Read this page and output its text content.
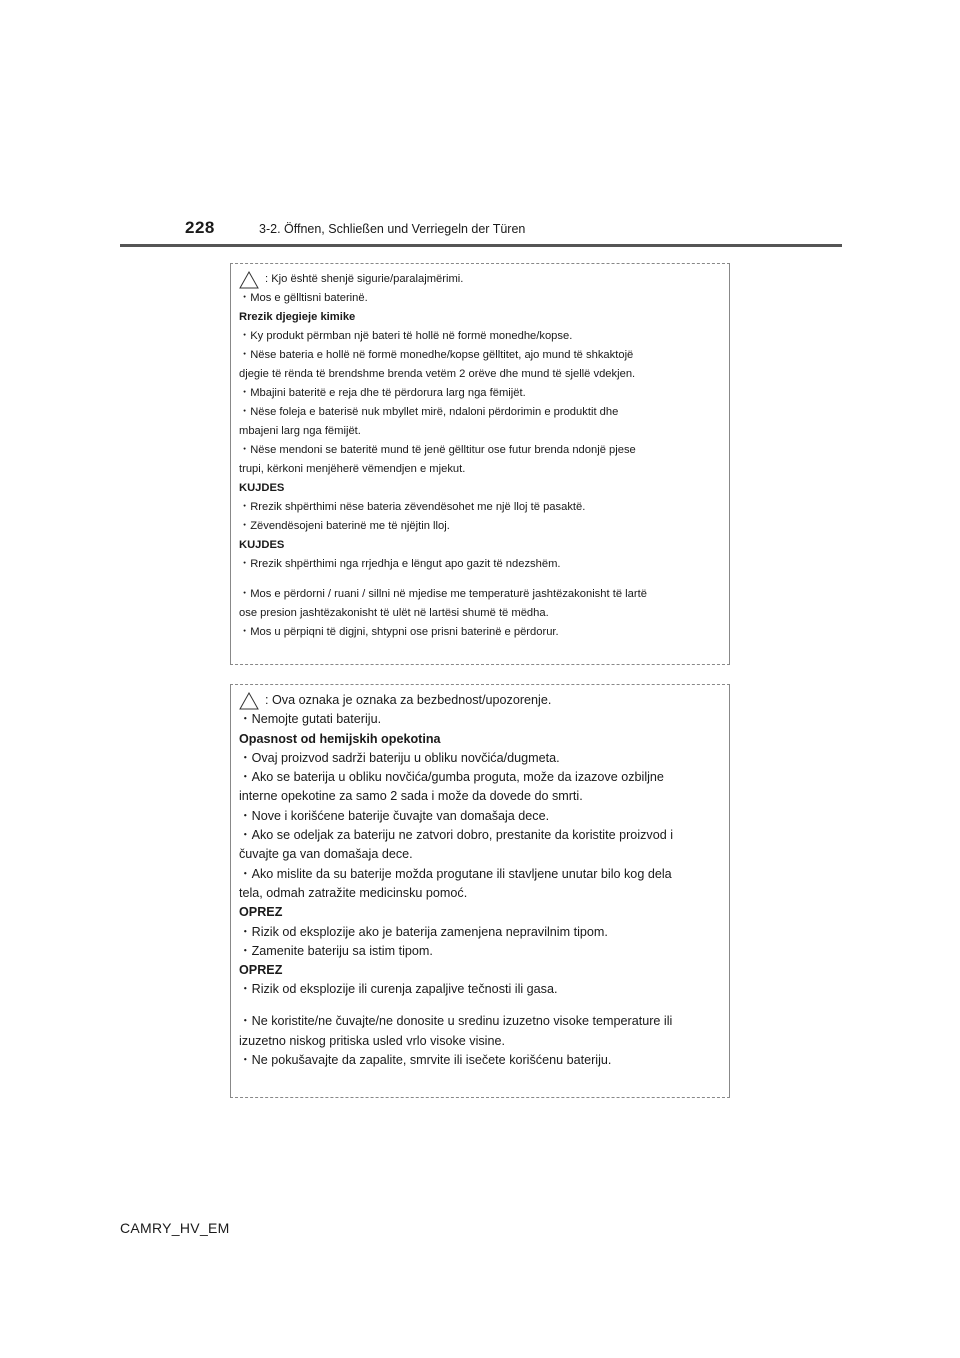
228	3-2. Öffnen, Schließen und Verriegeln der Türen
: Kjo është shenjë sigurie/paralajmërimi.
・Mos e gëlltisni baterinë.
Rrezik djegieje kimike
・Ky produkt përmban një bateri të hollë në formë monedhe/kopse.
・Nëse bateria e hollë në formë monedhe/kopse gëlltitet, ajo mund të shkaktojë
djegie të rënda të brendshme brenda vetëm 2 orëve dhe mund të sjellë vdekjen.
・Mbajini bateritë e reja dhe të përdorura larg nga fëmijët.
・Nëse foleja e baterisë nuk mbyllet mirë, ndaloni përdorimin e produktit dhe
mbajeni larg nga fëmijët.
・Nëse mendoni se bateritë mund të jenë gëlltitur ose futur brenda ndonjë pjese
trupi, kërkoni menjëherë vëmendjen e mjekut.
KUJDES
・Rrezik shpërthimi nëse bateria zëvendësohet me një lloj të pasaktë.
・Zëvendësojeni baterinë me të njëjtin lloj.
KUJDES
・Rrezik shpërthimi nga rrjedhja e lëngut apo gazit të ndezshëm.
・Mos e përdorni / ruani / sillni në mjedise me temperaturë jashtëzakonisht të lartë
ose presion jashtëzakonisht të ulët në lartësi shumë të mëdha.
・Mos u përpiqni të digjni, shtypni ose prisni baterinë e përdorur.
: Ova oznaka je oznaka za bezbednost/upozorenje.
・Nemojte gutati bateriju.
Opasnost od hemijskih opekotina
・Ovaj proizvod sadrži bateriju u obliku novčića/dugmeta.
・Ako se baterija u obliku novčića/gumba proguta, može da izazove ozbiljne
interne opekotine za samo 2 sada i može da dovede do smrti.
・Nove i korišćene baterije čuvajte van domašaja dece.
・Ako se odeljak za bateriju ne zatvori dobro, prestanite da koristite proizvod i
čuvajte ga van domašaja dece.
・Ako mislite da su baterije možda progutane ili stavljene unutar bilo kog dela
tela, odmah zatražite medicinsku pomoć.
OPREZ
・Rizik od eksplozije ako je baterija zamenjena nepravilnim tipom.
・Zamenite bateriju sa istim tipom.
OPREZ
・Rizik od eksplozije ili curenja zapaljive tečnosti ili gasa.
・Ne koristite/ne čuvajte/ne donosite u sredinu izuzetno visoke temperature ili
izuzetno niskog pritiska usled vrlo visoke visine.
・Ne pokušavajte da zapalite, smrvite ili isečete korišćenu bateriju.
CAMRY_HV_EM
